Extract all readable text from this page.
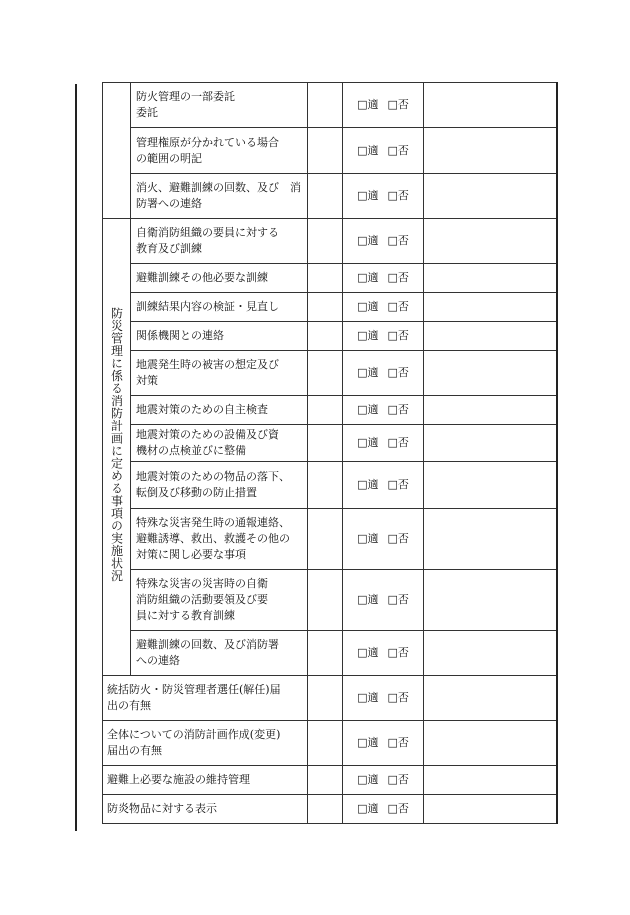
	防火管理の一部委託
委託		□適 □否	

	管理権原が分かれている場合
の範囲の明記		□適 □否	

	消火、避難訓練の回数、及び　消
防署への連絡		□適 □否	
防災管理に係る消防計画に定める事項の実施状況	自衛消防組織の要員に対する
教育及び訓練		□適 □否	

	避難訓練その他必要な訓練		□適 □否	

	訓練結果内容の検証・見直し		□適 □否	

	関係機関との連絡		□適 □否	

	地震発生時の被害の想定及び
対策		□適 □否	

	地震対策のための自主検査		□適 □否	

	地震対策のための設備及び資
機材の点検並びに整備		□適 □否	

	地震対策のための物品の落下、
転倒及び移動の防止措置		□適 □否	

	特殊な災害発生時の通報連絡、
避難誘導、救出、救護その他の
対策に関し必要な事項		□適 □否	

	特殊な災害の災害時の自衛
消防組織の活動要領及び要
員に対する教育訓練		□適 □否	

	避難訓練の回数、及び消防署
への連絡		□適 □否	

統括防火・防災管理者選任(解任)届
出の有無			□適 □否	

全体についての消防計画作成(変更)
届出の有無			□適 □否	

避難上必要な施設の維持管理			□適 □否	

防炎物品に対する表示			□適 □否	
